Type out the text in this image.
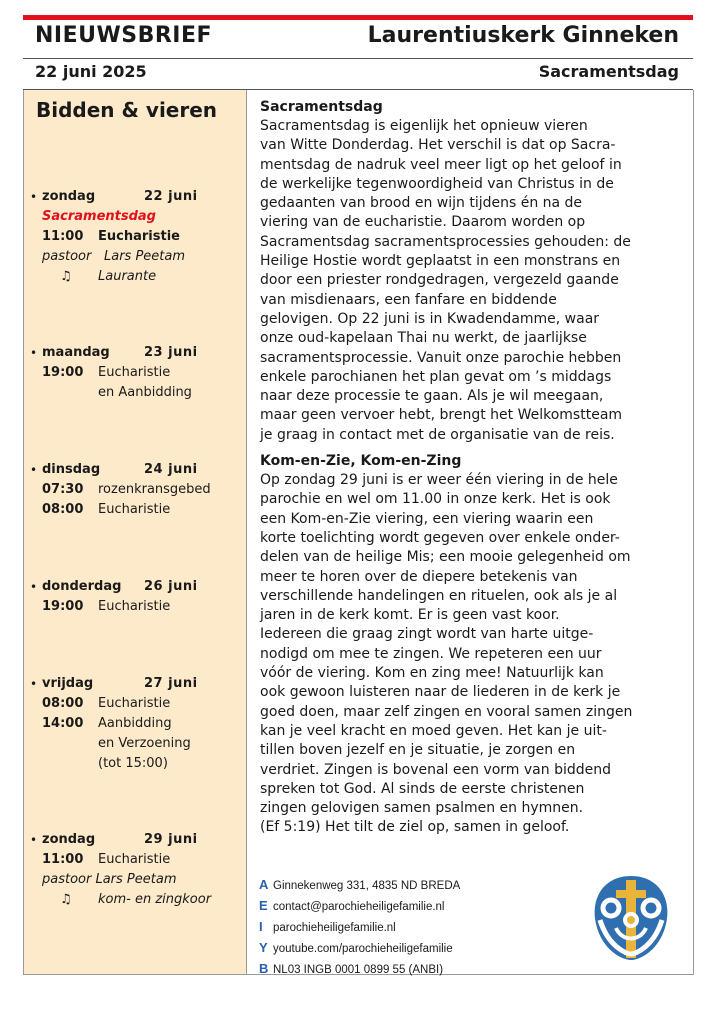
NIEUWSBRIEF	Laurentiuskerk Ginneken
22 juni 2025	Sacramentsdag
Bidden & vieren
• zondag	22 juni
Sacramentsdag
11:00 Eucharistie
pastoor Lars Peetam
♫ Laurante
• maandag	23 juni
19:00 Eucharistie
en Aanbidding
• dinsdag	24 juni
07:30 rozenkransgebed
08:00 Eucharistie
• donderdag 26 juni
19:00 Eucharistie
• vrijdag	27 juni
08:00 Eucharistie
14:00 Aanbidding
en Verzoening
(tot 15:00)
• zondag	29 juni
11:00 Eucharistie
pastoor Lars Peetam
♫ kom- en zingkoor
Sacramentsdag

Sacramentsdag is eigenlijk het opnieuw vieren
van Witte Donderdag. Het verschil is dat op Sacra-
mentsdag de nadruk veel meer ligt op het geloof in
de werkelijke tegenwoordigheid van Christus in de
gedaanten van brood en wijn tijdens én na de
viering van de eucharistie. Daarom worden op
Sacramentsdag sacramentsprocessies gehouden: de
Heilige Hostie wordt geplaatst in een monstrans en
door een priester rondgedragen, vergezeld gaande
van misdienaars, een fanfare en biddende
gelovigen. Op 22 juni is in Kwadendamme, waar
onze oud-kapelaan Thai nu werkt, de jaarlijkse
sacramentsprocessie. Vanuit onze parochie hebben
enkele parochianen het plan gevat om ’s middags
naar deze processie te gaan. Als je wil meegaan,
maar geen vervoer hebt, brengt het Welkomstteam
je graag in contact met de organisatie van de reis.

Kom-en-Zie, Kom-en-Zing

Op zondag 29 juni is er weer één viering in de hele
parochie en wel om 11.00 in onze kerk. Het is ook
een Kom-en-Zie viering, een viering waarin een
korte toelichting wordt gegeven over enkele onder-
delen van de heilige Mis; een mooie gelegenheid om
meer te horen over de diepere betekenis van
verschillende handelingen en rituelen, ook als je al
jaren in de kerk komt. Er is geen vast koor.
Iedereen die graag zingt wordt van harte uitge-
nodigd om mee te zingen. We repeteren een uur
vóór de viering. Kom en zing mee! Natuurlijk kan
ook gewoon luisteren naar de liederen in de kerk je
goed doen, maar zelf zingen en vooral samen zingen
kan je veel kracht en moed geven. Het kan je uit-
tillen boven jezelf en je situatie, je zorgen en
verdriet. Zingen is bovenal een vorm van biddend
spreken tot God. Al sinds de eerste christenen
zingen gelovigen samen psalmen en hymnen.
(Ef 5:19) Het tilt de ziel op, samen in geloof.

A Ginnekenweg 331, 4835 ND BREDA
E contact@parochieheiligefamilie.nl
I parochieheiligefamilie.nl
Y youtube.com/parochieheiligefamilie
B NL03 INGB 0001 0899 55 (ANBI)
